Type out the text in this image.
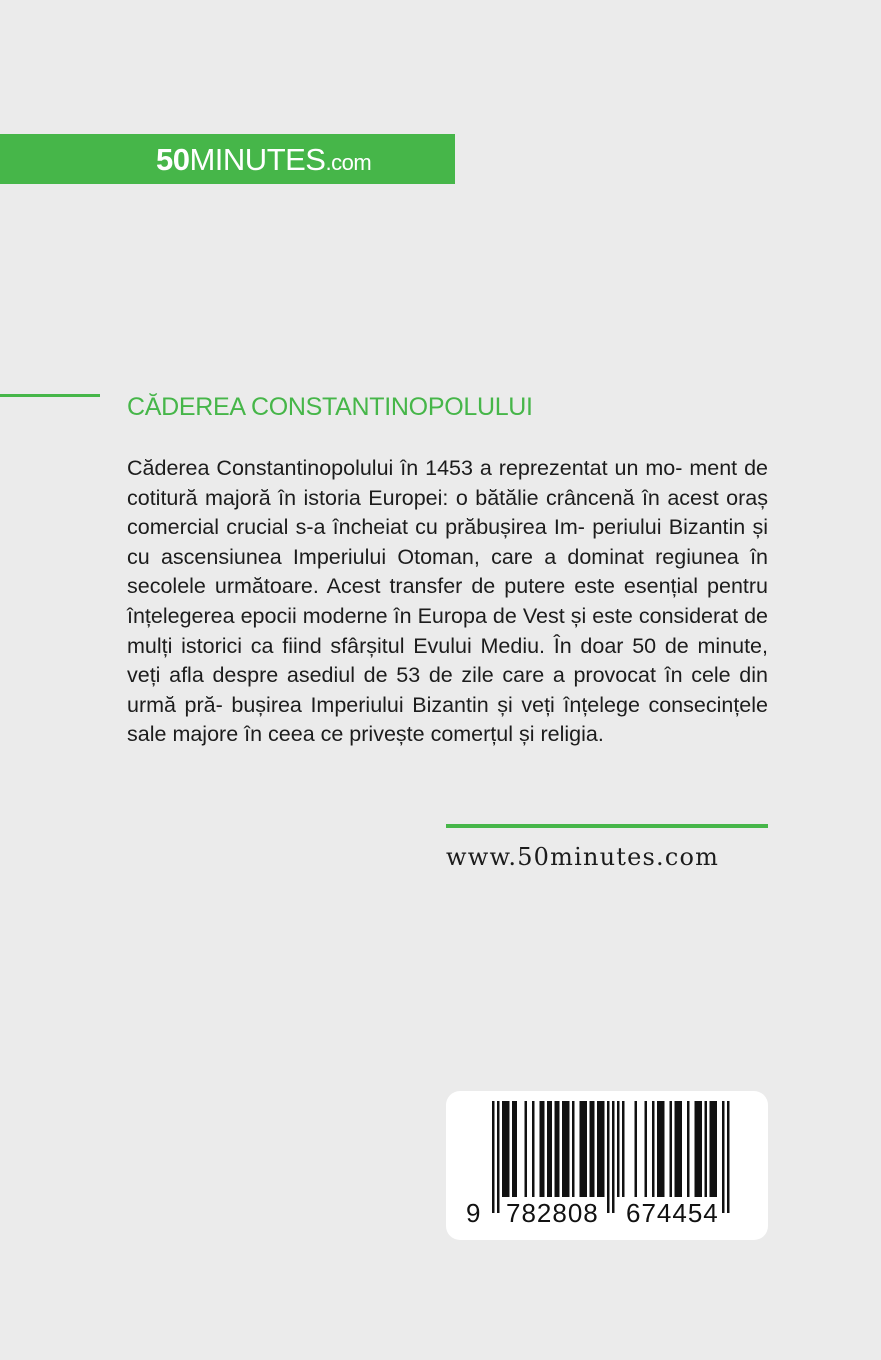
50MINUTES.com
CĂDEREA CONSTANTINOPOLULUI

Căderea Constantinopolului în 1453 a reprezentat un mo- ment de cotitură majoră în istoria Europei: o bătălie crâncenă în acest oraș comercial crucial s-a încheiat cu prăbușirea Im- periului Bizantin și cu ascensiunea Imperiului Otoman, care a dominat regiunea în secolele următoare. Acest transfer de putere este esențial pentru înțelegerea epocii moderne în Europa de Vest și este considerat de mulți istorici ca fiind sfârșitul Evului Mediu. În doar 50 de minute, veți afla despre asediul de 53 de zile care a provocat în cele din urmă pră- bușirea Imperiului Bizantin și veți înțelege consecințele sale majore în ceea ce privește comerțul și religia.

www.50minutes.com
9 782808 674454
